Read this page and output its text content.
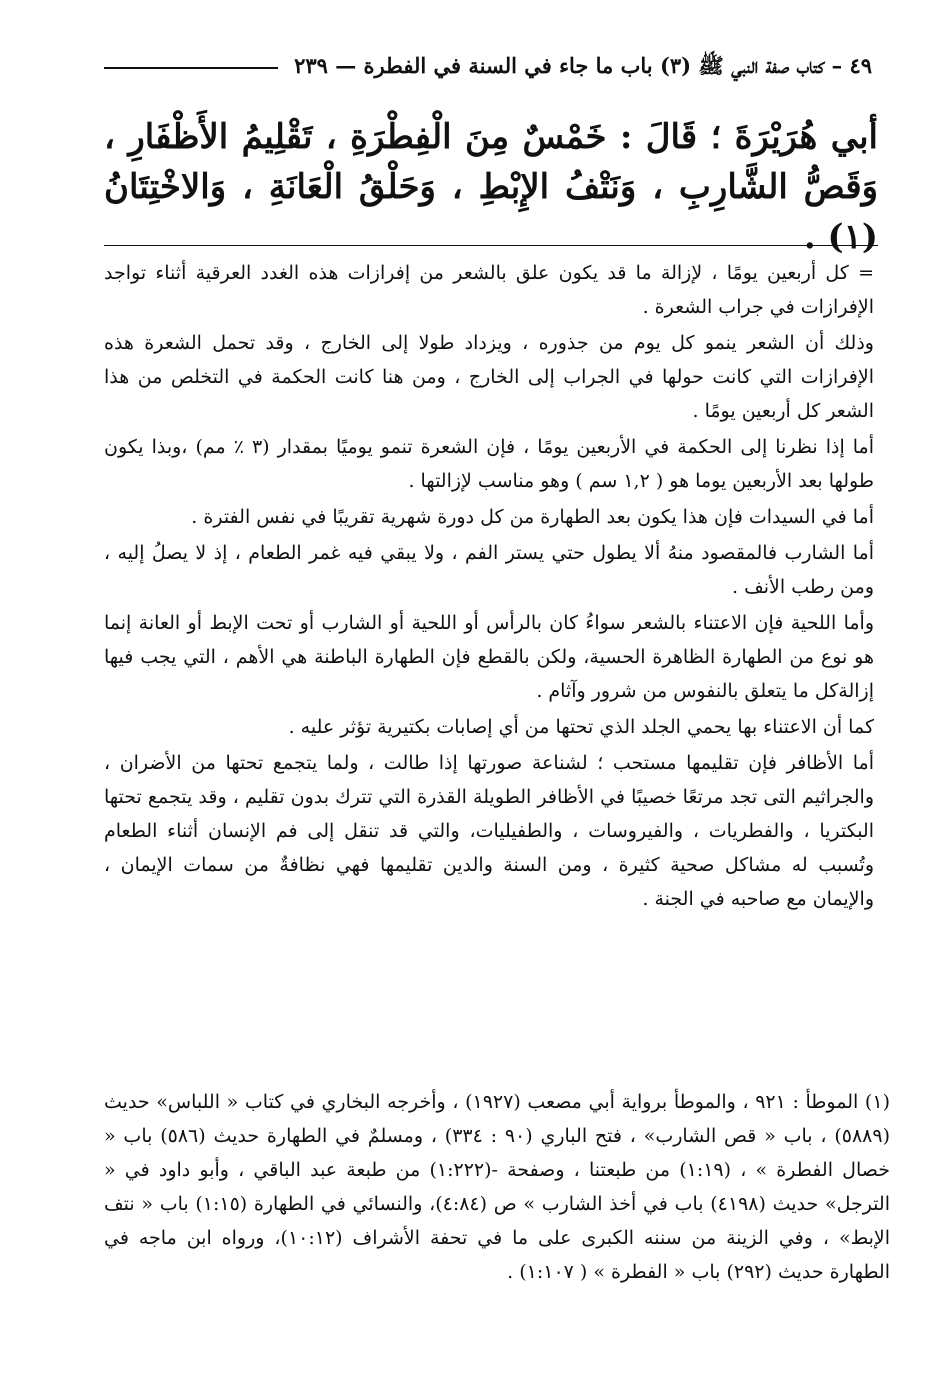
٤٩ – كتاب صفة النبي ﷺ (٣) باب ما جاء في السنة في الفطرة — ٢٣٩
أبي هُرَيْرَةَ ؛ قَالَ : خَمْسٌ مِنَ الْفِطْرَةِ ، تَقْلِيمُ الأَظْفَارِ ، وَقَصُّ الشَّارِبِ ، وَنَتْفُ الإِبْطِ ، وَحَلْقُ الْعَانَةِ ، وَالاخْتِتَانُ (١) .

= كل أربعين يومًا ، لإزالة ما قد يكون علق بالشعر من إفرازات هذه الغدد العرقية أثناء تواجد الإفرازات في جراب الشعرة .

وذلك أن الشعر ينمو كل يوم من جذوره ، ويزداد طولا إلى الخارج ، وقد تحمل الشعرة هذه الإفرازات التي كانت حولها في الجراب إلى الخارج ، ومن هنا كانت الحكمة في التخلص من هذا الشعر كل أربعين يومًا .

أما إذا نظرنا إلى الحكمة في الأربعين يومًا ، فإن الشعرة تنمو يوميًا بمقدار (٣ ٪ مم) ،وبذا يكون طولها بعد الأربعين يوما هو ( ١,٢ سم ) وهو مناسب لإزالتها .

أما في السيدات فإن هذا يكون بعد الطهارة من كل دورة شهرية تقريبًا في نفس الفترة .

أما الشارب فالمقصود منهُ ألا يطول حتي يستر الفم ، ولا يبقي فيه غمر الطعام ، إذ لا يصلُ إليه ، ومن رطب الأنف .

وأما اللحية فإن الاعتناء بالشعر سواءُ كان بالرأس أو اللحية أو الشارب أو تحت الإبط أو العانة إنما هو نوع من الطهارة الظاهرة الحسية، ولكن بالقطع فإن الطهارة الباطنة هي الأهم ، التي يجب فيها إزالةكل ما يتعلق بالنفوس من شرور وآثام .

كما أن الاعتناء بها يحمي الجلد الذي تحتها من أي إصابات بكتيرية تؤثر عليه .

أما الأظافر فإن تقليمها مستحب ؛ لشناعة صورتها إذا طالت ، ولما يتجمع تحتها من الأضران ، والجراثيم التى تجد مرتعًا خصيبًا في الأظافر الطويلة القذرة التي تترك بدون تقليم ، وقد يتجمع تحتها البكتريا ، والفطريات ، والفيروسات ، والطفيليات، والتي قد تنقل إلى فم الإنسان أثناء الطعام وتُسبب له مشاكل صحية كثيرة ، ومن السنة والدين تقليمها فهي نظافةٌ من سمات الإيمان ، والإيمان مع صاحبه في الجنة .

(١) الموطأ : ٩٢١ ، والموطأ برواية أبي مصعب (١٩٢٧) ، وأخرجه البخاري في كتاب « اللباس» حديث (٥٨٨٩) ، باب « قص الشارب» ، فتح الباري (٩٠ : ٣٣٤) ، ومسلمٌ في الطهارة حديث (٥٨٦) باب « خصال الفطرة » ، (١:١٩) من طبعتنا ، وصفحة -(١:٢٢٢) من طبعة عبد الباقي ، وأبو داود في « الترجل» حديث (٤١٩٨) باب في أخذ الشارب » ص (٤:٨٤)، والنسائي في الطهارة (١:١٥) باب « نتف الإبط» ، وفي الزينة من سننه الكبرى على ما في تحفة الأشراف (١٠:١٢)، ورواه ابن ماجه في الطهارة حديث (٢٩٢) باب « الفطرة » ( ١:١٠٧) .
